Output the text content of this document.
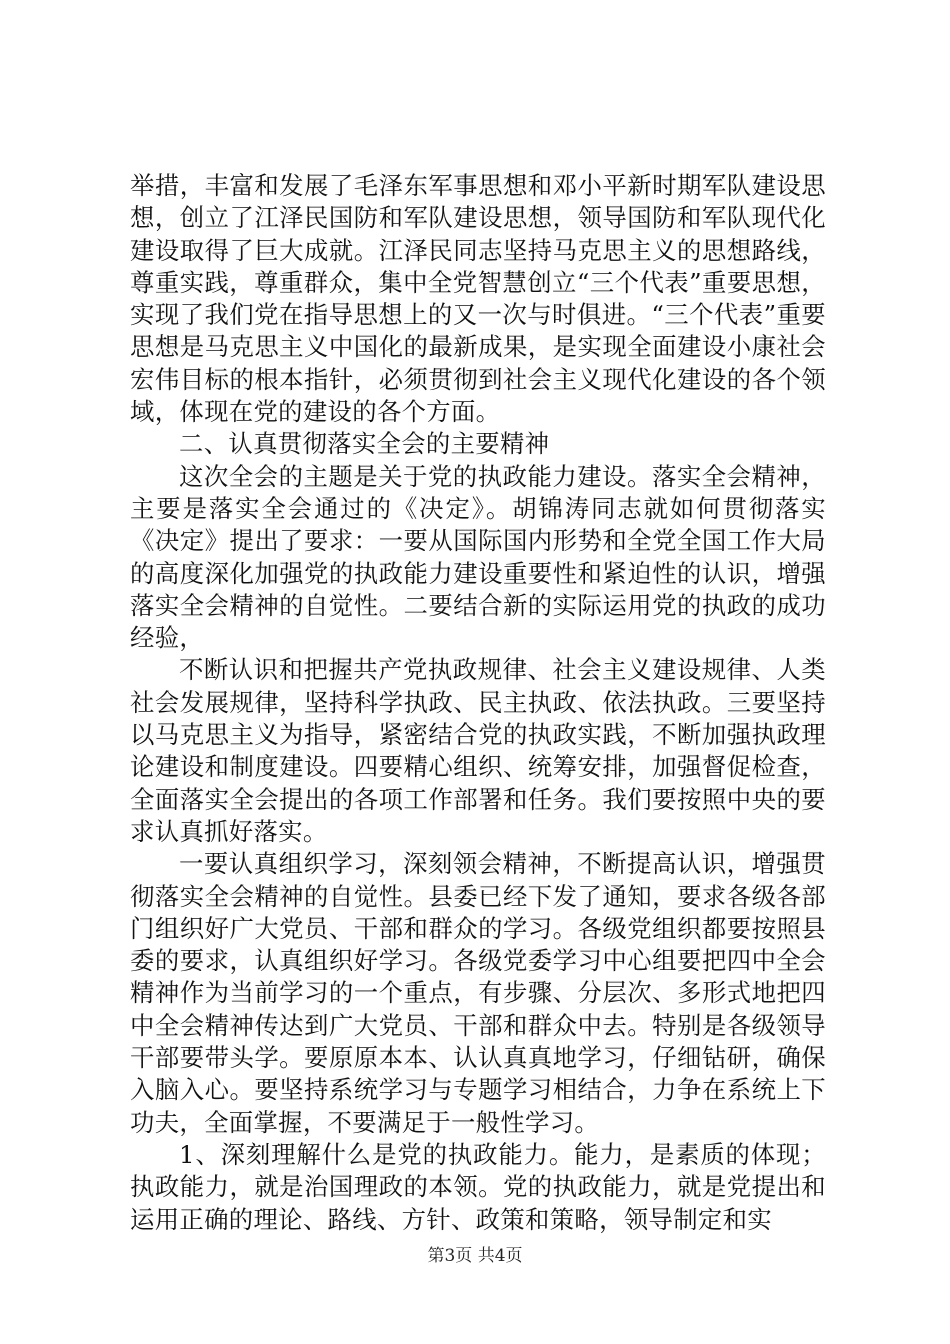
举措，丰富和发展了毛泽东军事思想和邓小平新时期军队建设思想，创立了江泽民国防和军队建设思想，领导国防和军队现代化建设取得了巨大成就。江泽民同志坚持马克思主义的思想路线，尊重实践，尊重群众，集中全党智慧创立“三个代表”重要思想，实现了我们党在指导思想上的又一次与时俱进。“三个代表”重要思想是马克思主义中国化的最新成果，是实现全面建设小康社会宏伟目标的根本指针，必须贯彻到社会主义现代化建设的各个领域，体现在党的建设的各个方面。

二、认真贯彻落实全会的主要精神

这次全会的主题是关于党的执政能力建设。落实全会精神，主要是落实全会通过的《决定》。胡锦涛同志就如何贯彻落实《决定》提出了要求：一要从国际国内形势和全党全国工作大局的高度深化加强党的执政能力建设重要性和紧迫性的认识，增强落实全会精神的自觉性。二要结合新的实际运用党的执政的成功经验，

不断认识和把握共产党执政规律、社会主义建设规律、人类社会发展规律，坚持科学执政、民主执政、依法执政。三要坚持以马克思主义为指导，紧密结合党的执政实践，不断加强执政理论建设和制度建设。四要精心组织、统筹安排，加强督促检查，全面落实全会提出的各项工作部署和任务。我们要按照中央的要求认真抓好落实。

一要认真组织学习，深刻领会精神，不断提高认识，增强贯彻落实全会精神的自觉性。县委已经下发了通知，要求各级各部门组织好广大党员、干部和群众的学习。各级党组织都要按照县委的要求，认真组织好学习。各级党委学习中心组要把四中全会精神作为当前学习的一个重点，有步骤、分层次、多形式地把四中全会精神传达到广大党员、干部和群众中去。特别是各级领导干部要带头学。要原原本本、认认真真地学习，仔细钻研，确保入脑入心。要坚持系统学习与专题学习相结合，力争在系统上下功夫，全面掌握，不要满足于一般性学习。

1、深刻理解什么是党的执政能力。能力，是素质的体现；执政能力，就是治国理政的本领。党的执政能力，就是党提出和运用正确的理论、路线、方针、政策和策略，领导制定和实

第3页 共4页
